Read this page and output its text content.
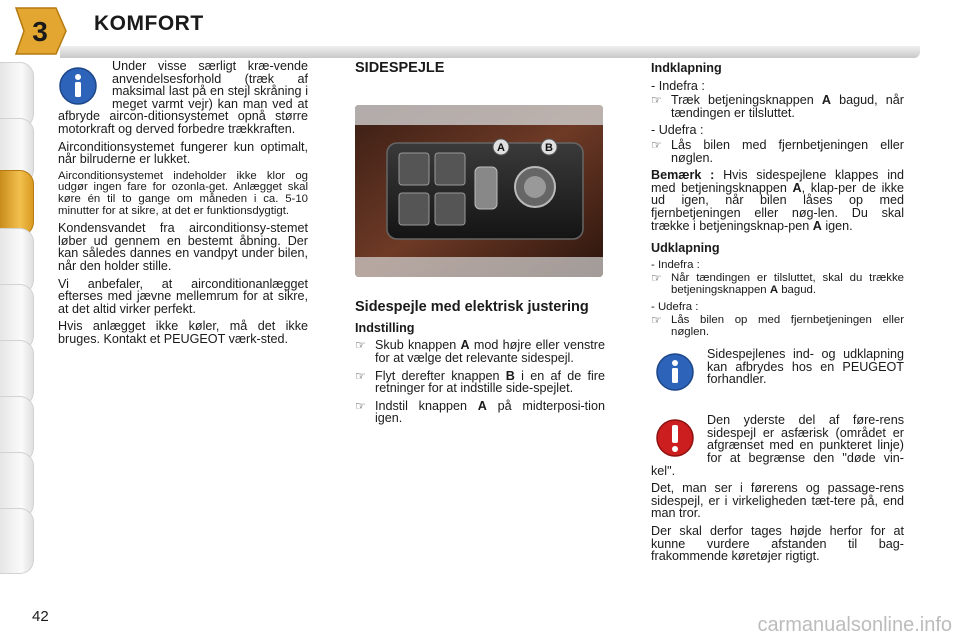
3 KOMFORT

Under visse særligt kræ-vende anvendelsesforhold (træk af maksimal last på en stejl skråning i meget varmt vejr) kan man ved at afbryde aircon-ditionsystemet opnå større motorkraft og derved forbedre trækkraften.

Airconditionsystemet fungerer kun optimalt, når bilruderne er lukket.

Airconditionsystemet indeholder ikke klor og udgør ingen fare for ozonla-get. Anlægget skal køre én til to gange om måneden i ca. 5-10 minutter for at sikre, at det er funktionsdygtigt.

Kondensvandet fra airconditionsy-stemet løber ud gennem en bestemt åbning. Der kan således dannes en vandpyt under bilen, når den holder stille.

Vi anbefaler, at airconditionanlægget efterses med jævne mellemrum for at sikre, at det altid virker perfekt.

Hvis anlægget ikke køler, må det ikke bruges. Kontakt et PEUGEOT værk-sted.

SIDESPEJLE
A	B
Sidespejle med elektrisk justering
Indstilling
☞ Skub knappen A mod højre eller venstre for at vælge det relevante sidespejl.
☞ Flyt derefter knappen B i en af de fire retninger for at indstille side-spejlet.
☞ Indstil knappen A på midterposi-tion igen.
Indklapning
- Indefra :
☞ Træk betjeningsknappen A bagud, når tændingen er tilsluttet.
- Udefra :
☞ Lås bilen med fjernbetjeningen eller nøglen.

Bemærk : Hvis sidespejlene klappes ind med betjeningsknappen A, klap-per de ikke ud igen, når bilen låses op med fjernbetjeningen eller nøg-len. Du skal trække i betjeningsknap-pen A igen.

Udklapning
- Indefra :
☞ Når tændingen er tilsluttet, skal du trække betjeningsknappen A bagud.
- Udefra :
☞ Lås bilen op med fjernbetjeningen eller nøglen.

Sidespejlenes ind- og udklapning kan afbrydes hos en PEUGEOT forhandler.

Den yderste del af føre-rens sidespejl er asfærisk (området er afgrænset med en punkteret linje) for at begrænse den "døde vin-kel".

Det, man ser i førerens og passage-rens sidespejl, er i virkeligheden tæt-tere på, end man tror.

Der skal derfor tages højde herfor for at kunne vurdere afstanden til bag-frakommende køretøjer rigtigt.

42	carmanualsonline.info
